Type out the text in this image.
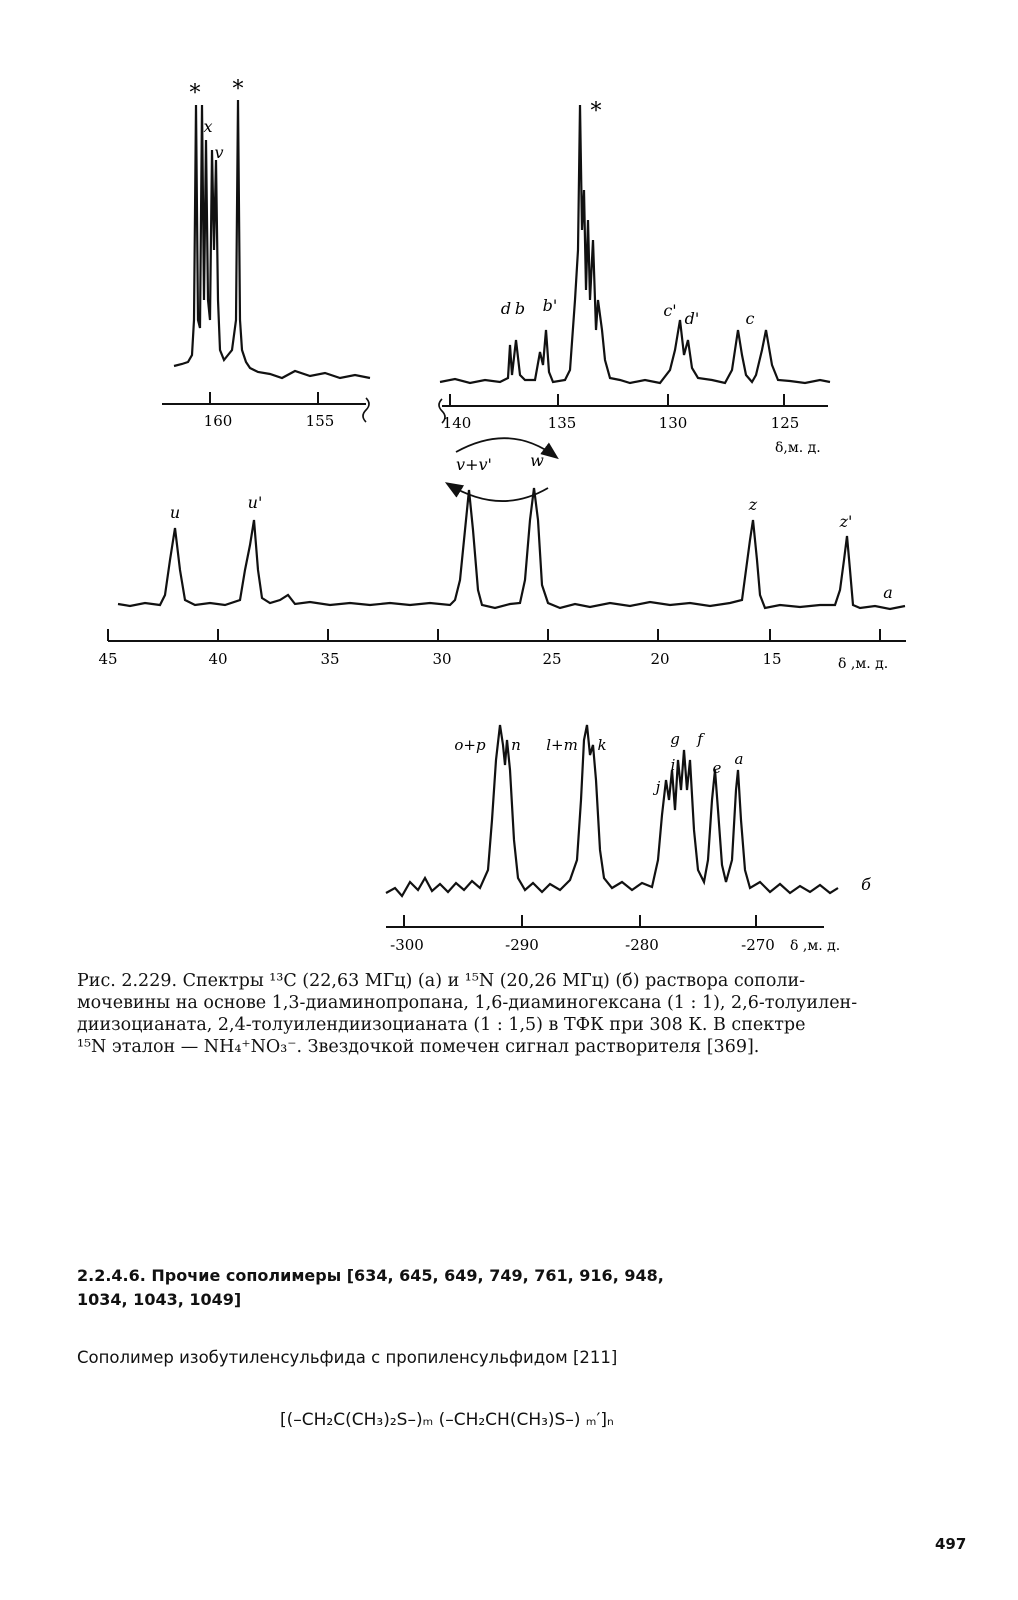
160	155
*
x
v
*
140	135	130	125
δ,м. д.
*
d b b'	c' d'	c
45	40	35	30	25	20	15	δ ,м. д.
u
u'
v+v' w
z
z'
а
-300	-290	-280	-270 δ ,м. д.
o+p n l+m k	g f
i
j
e a
б

Рис. 2.229. Спектры ¹³C (22,63 МГц) (а) и ¹⁵N (20,26 МГц) (б) раствора сополи-

мочевины на основе 1,3-диаминопропана, 1,6-диаминогексана (1 : 1), 2,6-толуилен-

диизоцианата, 2,4-толуилендиизоцианата (1 : 1,5) в ТФК при 308 К. В спектре

¹⁵N эталон — NH₄⁺NO₃⁻. Звездочкой помечен сигнал растворителя [369].

2.2.4.6. Прочие сополимеры [634, 645, 649, 749, 761, 916, 948,
1034, 1043, 1049]
Сополимер изобутиленсульфида с пропиленсульфидом [211]
[(–CH₂C(CH₃)₂S–)ₘ (–CH₂CH(CH₃)S–) ₘ′]ₙ
497
